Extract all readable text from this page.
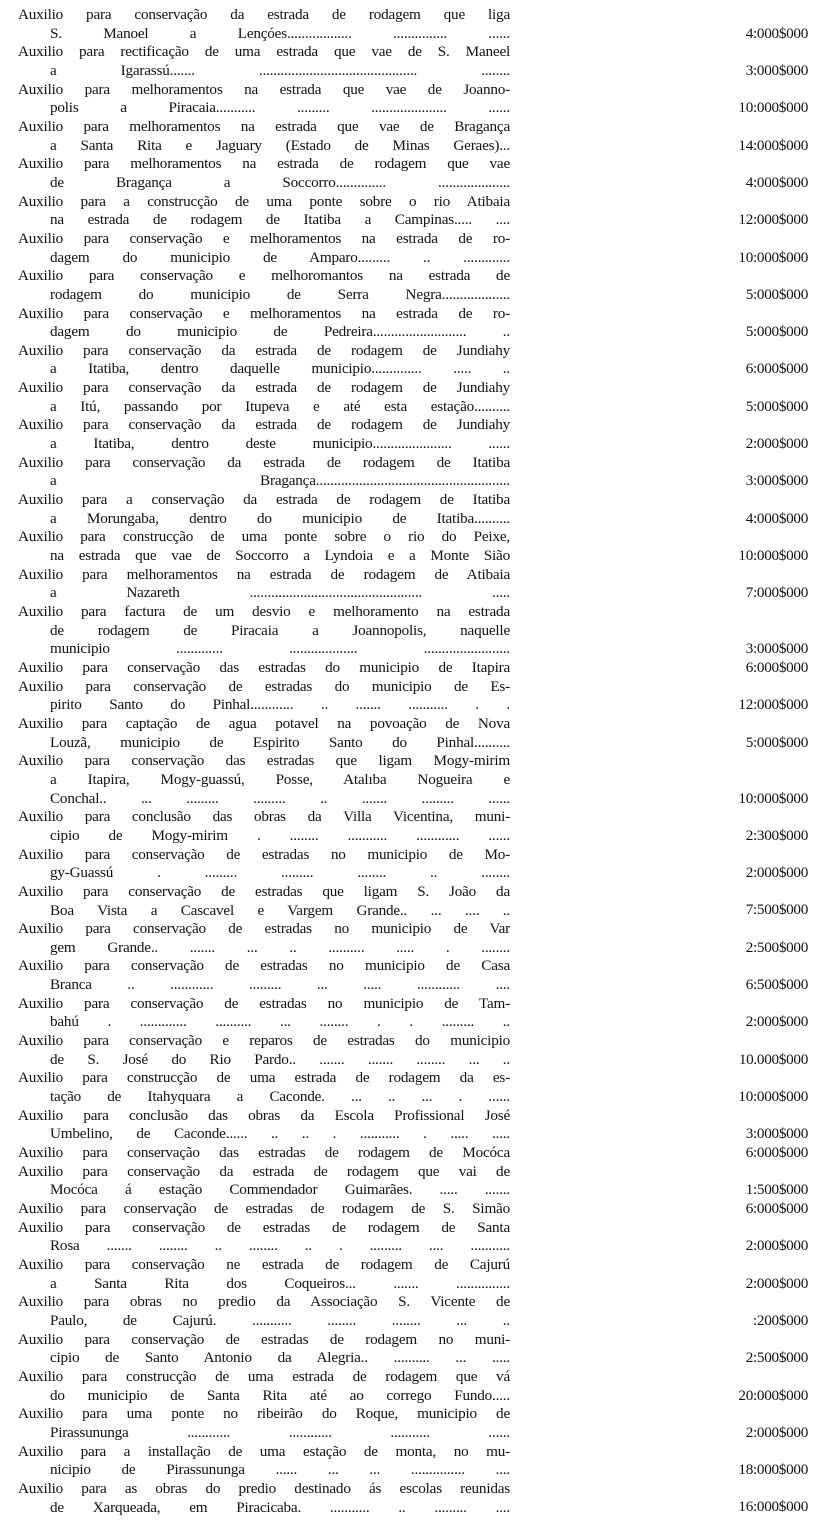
Auxilio para conservação da estrada de rodagem que liga
S. Manoel a Lençóes.................. ............... ......	4:000$000
Auxilio para rectificação de uma estrada que vae de S. Maneel
a Igarassú....... ............................................ ........	3:000$000
Auxilio para melhoramentos na estrada que vae de Joanno-
polis a Piracaia........... ......... ..................... ......	10:000$000
Auxilio para melhoramentos na estrada que vae de Bragança
a Santa Rita e Jaguary (Estado de Minas Geraes)...	14:000$000
Auxilio para melhoramentos na estrada de rodagem que vae
de Bragança a Soccorro.............. ....................	4:000$000
Auxilio para a construcção de uma ponte sobre o rio Atibaia
na estrada de rodagem de Itatiba a Campinas..... ....	12:000$000
Auxilio para conservação e melhoramentos na estrada de ro-
dagem do municipio de Amparo......... .. .............	10:000$000
Auxilio para conservação e melhoromantos na estrada de
rodagem do municipio de Serra Negra...................	5:000$000
Auxilio para conservação e melhoramentos na estrada de ro-
dagem do municipio de Pedreira.......................... ..	5:000$000
Auxilio para conservação da estrada de rodagem de Jundiahy
a Itatiba, dentro daquelle municipio.............. ..... ..	6:000$000
Auxilio para conservação da estrada de rodagem de Jundiahy
a Itú, passando por Itupeva e até esta estação..........	5:000$000
Auxilio para conservação da estrada de rodagem de Jundiahy
a Itatiba, dentro deste municipio...................... ......	2:000$000
Auxilio para conservação da estrada de rodagem de Itatiba
a Bragança......................................................	3:000$000
Auxilio para a conservação da estrada de rodagem de Itatiba
a Morungaba, dentro do municipio de Itatiba..........	4:000$000
Auxilio para construcção de uma ponte sobre o rio do Peixe,
na estrada que vae de Soccorro a Lyndoia e a Monte Sião	10:000$000
Auxilio para melhoramentos na estrada de rodagem de Atibaia
a Nazareth ................................................ .....	7:000$000
Auxilio para factura de um desvio e melhoramento na estrada
de rodagem de Piracaia a Joannopolis, naquelle
municipio ............. ................... ........................	3:000$000
Auxilio para conservação das estradas do municipio de Itapira	6:000$000
Auxilio para conservação de estradas do municipio de Es-
pirito Santo do Pinhal............ .. ....... ........... . .	12:000$000
Auxilio para captação de agua potavel na povoação de Nova
Louzã, municipio de Espirito Santo do Pinhal..........	5:000$000
Auxilio para conservação das estradas que ligam Mogy-mirim
a Itapira, Mogy-guassú, Posse, Atalıba Nogueira e
Conchal.. ... ......... ......... .. ....... ......... ......	10:000$000
Auxilio para conclusão das obras da Villa Vicentina, muni-
cipio de Mogy-mirim . ........ ........... ............ ......	2:300$000
Auxilio para conservação de estradas no municipio de Mo-
gy-Guassú . ......... ......... ........ .. ........	2:000$000
Auxilio para conservação de estradas que ligam S. João da
Boa Vista a Cascavel e Vargem Grande.. ... .... ..	7:500$000
Auxilio para conservação de estradas no municipio de Var
gem Grande.. ....... ... .. .......... ..... . ........	2:500$000
Auxilio para conservação de estradas no municipio de Casa
Branca .. ............ ......... ... ..... ............ ....	6:500$000
Auxilio para conservação de estradas no municipio de Tam-
bahú . ............. .......... ... ........ . . ......... ..	2:000$000
Auxilio para conservação e reparos de estradas do municipio
de S. José do Rio Pardo.. ....... ....... ........ ... ..	10.000$000
Auxilio para construcção de uma estrada de rodagem da es-
tação de Itahyquara a Caconde. ... .. ... . ......	10:000$000
Auxilio para conclusão das obras da Escola Profissional José
Umbelino, de Caconde...... .. .. . ........... . ..... .....	3:000$000
Auxilio para conservação das estradas de rodagem de Mocóca	6:000$000
Auxilio para conservação da estrada de rodagem que vai de
Mocóca á estação Commendador Guimarães. ..... .......	1:500$000
Auxilio para conservação de estradas de rodagem de S. Simão	6:000$000
Auxilio para conservação de estradas de rodagem de Santa
Rosa ....... ........ .. ........ .. . ......... .... ...........	2:000$000
Auxilio para conservação ne estrada de rodagem de Cajurú
a Santa Rita dos Coqueiros... ....... ...............	2:000$000
Auxilio para obras no predio da Associação S. Vicente de
Paulo, de Cajurú. ........... ........ ........ ... ..	:200$000
Auxilio para conservação de estradas de rodagem no muni-
cipio de Santo Antonio da Alegria.. .......... ... .....	2:500$000
Auxilio para construcção de uma estrada de rodagem que vá
do municipio de Santa Rita até ao corrego Fundo.....	20:000$000
Auxilio para uma ponte no ribeirão do Roque, municipio de
Pirassununga ............ ............ ........... ......	2:000$000
Auxilio para a installação de uma estação de monta, no mu-
nicipio de Pirassununga ...... ... ... ............... ....	18:000$000
Auxilio para as obras do predio destinado ás escolas reunidas
de Xarqueada, em Piracicaba. ........... .. ......... ....	16:000$000
